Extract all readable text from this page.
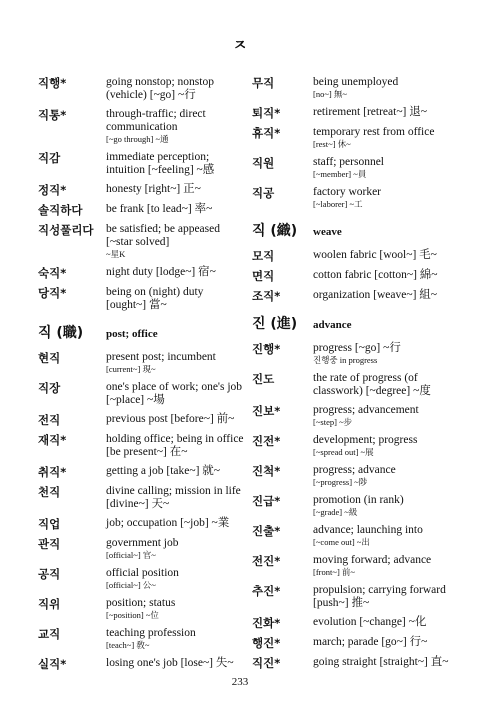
ㅈ
직행*	going nonstop; nonstop (vehicle) [~go] ~行
직통*	through-traffic; direct communication
[~go through] ~通
직감	immediate perception; intuition [~feeling] ~感
정직*	honesty [right~] 正~
솔직하다	be frank [to lead~] 率~
직성풀리다	be satisfied; be appeased [~star solved]
~星K
숙직*	night duty [lodge~] 宿~
당직*	being on (night) duty [ought~] 當~
직 (職)	post; office
현직	present post; incumbent
[current~] 現~
직장	one's place of work; one's job [~place] ~場
전직	previous post [before~] 前~
재직*	holding office; being in office [be present~] 在~
취직*	getting a job [take~] 就~
천직	divine calling; mission in life [divine~] 天~
직업	job; occupation [~job] ~業
관직	government job
[official~] 官~
공직	official position
[official~] 公~
직위	position; status
[~position] ~位
교직	teaching profession
[teach~] 敎~
실직*	losing one's job [lose~] 失~
무직	being unemployed
[no~] 無~
퇴직*	retirement [retreat~] 退~
휴직*	temporary rest from office
[rest~] 休~
직원	staff; personnel
[~member] ~員
직공	factory worker
[~laborer] ~工
직 (織)	weave
모직	woolen fabric [wool~] 毛~
면직	cotton fabric [cotton~] 綿~
조직*	organization [weave~] 組~
진 (進)	advance
진행*	progress [~go] ~行
진행중 in progress
진도	the rate of progress (of classwork) [~degree] ~度
진보*	progress; advancement
[~step] ~步
진전*	development; progress
[~spread out] ~展
진척*	progress; advance
[~progress] ~陟
진급*	promotion (in rank)
[~grade] ~級
진출*	advance; launching into
[~come out] ~出
전진*	moving forward; advance
[front~] 前~
추진*	propulsion; carrying forward [push~] 推~
진화*	evolution [~change] ~化
행진*	march; parade [go~] 行~
직진*	going straight [straight~] 直~
233
